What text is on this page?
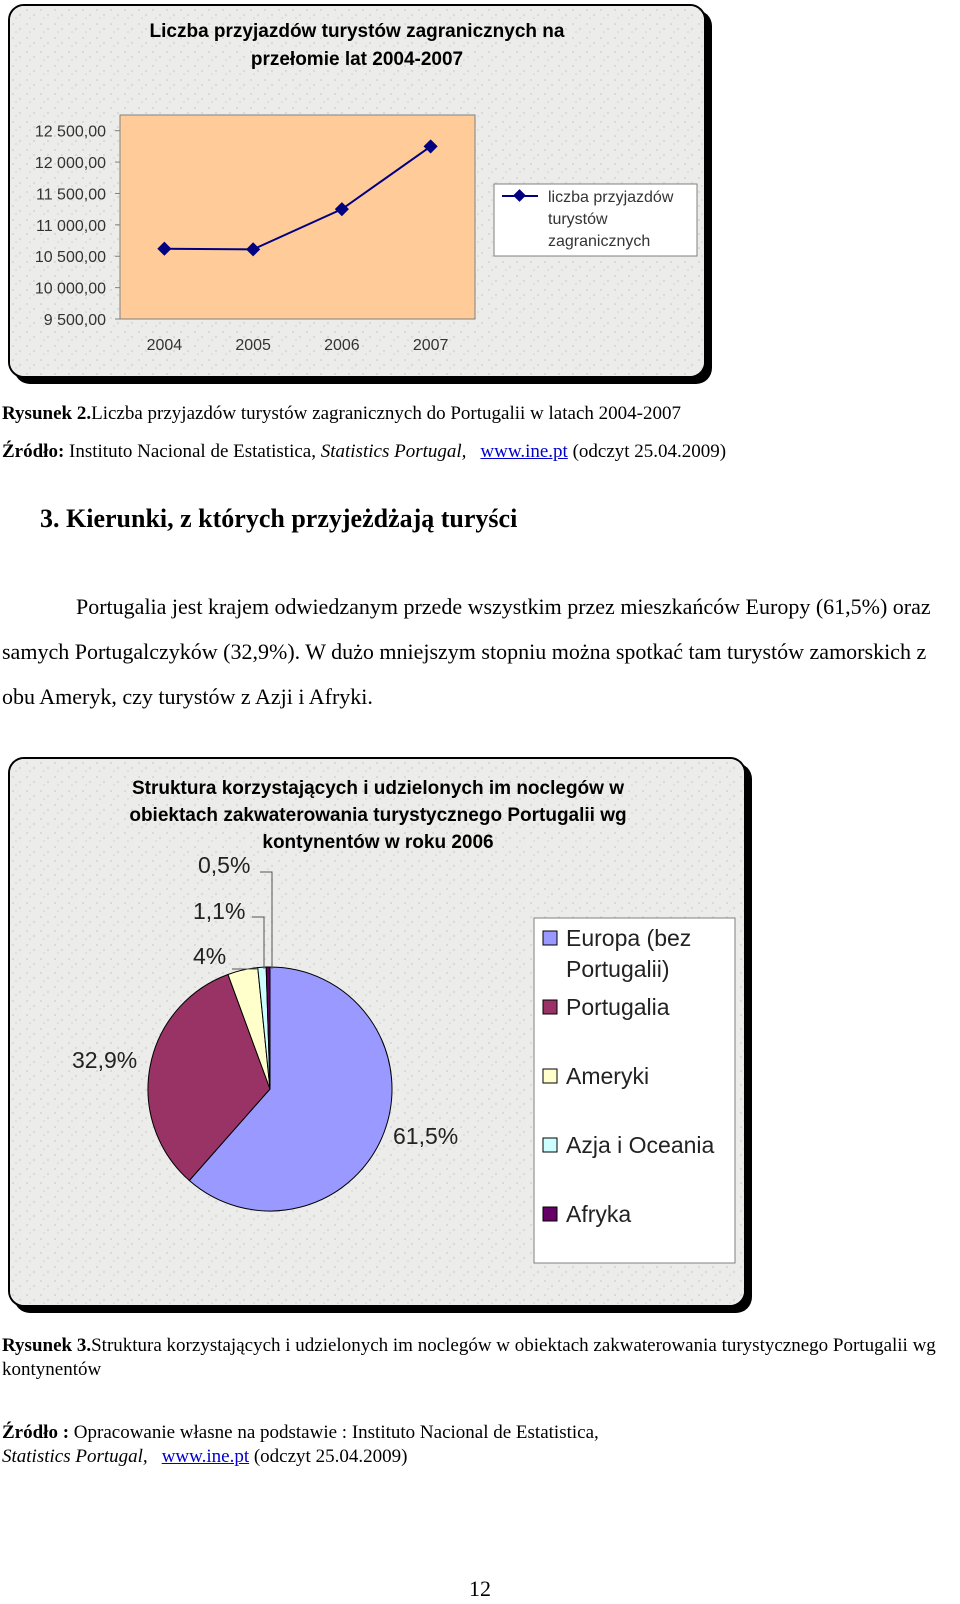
Liczba przyjazdów turystów zagranicznych na
przełomie lat 2004-2007
9 500,00
10 000,00
10 500,00
11 000,00
11 500,00
12 000,00
12 500,00
2004	2005	2006	2007
liczba przyjazdów
turystów
zagranicznych
Rysunek 2.Liczba przyjazdów turystów zagranicznych do Portugalii w latach 2004-2007
Źródło: Instituto Nacional de Estatistica, Statistics Portugal, www.ine.pt (odczyt 25.04.2009)
3. Kierunki, z których przyjeżdżają turyści
Portugalia jest krajem odwiedzanym przede wszystkim przez mieszkańców Europy (61,5%) oraz samych Portugalczyków (32,9%). W dużo mniejszym stopniu można spotkać tam turystów zamorskich z obu Ameryk, czy turystów z Azji i Afryki.
Struktura korzystających i udzielonych im noclegów w
obiektach zakwaterowania turystycznego Portugalii wg
kontynentów w roku 2006
61,5%
32,9%
4%
1,1%
0,5%
Europa (bez
Portugalii)
Portugalia
Ameryki
Azja i Oceania
Afryka
Rysunek 3.Struktura korzystających i udzielonych im noclegów w obiektach zakwaterowania turystycznego Portugalii wg kontynentów
Źródło : Opracowanie własne na podstawie : Instituto Nacional de Estatistica,
Statistics Portugal, www.ine.pt (odczyt 25.04.2009)
12
